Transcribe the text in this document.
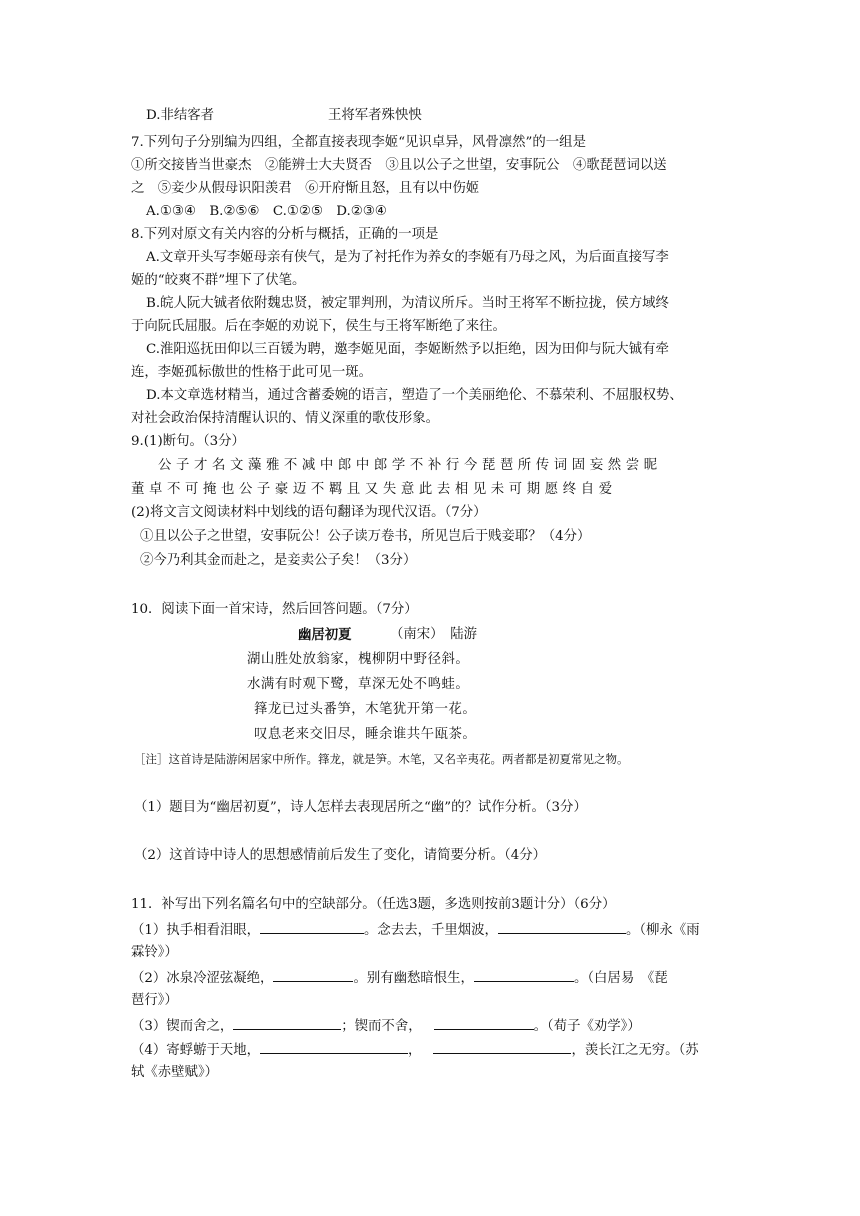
D.非结客者	王将军者殊怏怏
7.下列句子分别编为四组，全都直接表现李姬“见识卓异，风骨凛然”的一组是
①所交接皆当世豪杰　②能辨士大夫贤否　③且以公子之世望，安事阮公　④歌琵琶词以送
之　⑤妾少从假母识阳羡君　⑥开府惭且怒，且有以中伤姬
A.①③④　B.②⑤⑥　C.①②⑤　D.②③④
8.下列对原文有关内容的分析与概括，正确的一项是
A.文章开头写李姬母亲有侠气，是为了衬托作为养女的李姬有乃母之风，为后面直接写李
姬的“皎爽不群”埋下了伏笔。
B.皖人阮大铖者依附魏忠贤，被定罪判刑，为清议所斥。当时王将军不断拉拢，侯方域终
于向阮氏屈服。后在李姬的劝说下，侯生与王将军断绝了来往。
C.淮阳巡抚田仰以三百锾为聘，邀李姬见面，李姬断然予以拒绝，因为田仰与阮大铖有牵
连，李姬孤标傲世的性格于此可见一斑。
D.本文章选材精当，通过含蓄委婉的语言，塑造了一个美丽绝伦、不慕荣利、不屈服权势、
对社会政治保持清醒认识的、情义深重的歌伎形象。
9.(1)断句。（3分）
公子才名文藻雅不减中郎中郎学不补行今琵琶所传词固妄然尝昵
董卓不可掩也公子豪迈不羁且又失意此去相见未可期愿终自爱
(2)将文言文阅读材料中划线的语句翻译为现代汉语。（7分）
①且以公子之世望，安事阮公！公子读万卷书，所见岂后于贱妾耶？（4分）
②今乃利其金而赴之，是妾卖公子矣！（3分）
10．阅读下面一首宋诗，然后回答问题。（7分）
幽居初夏	（南宋）　陆游
湖山胜处放翁家，槐柳阴中野径斜。
水满有时观下鹭，草深无处不鸣蛙。
箨龙已过头番笋，木笔犹开第一花。
叹息老来交旧尽，睡余谁共午瓯茶。
［注］这首诗是陆游闲居家中所作。箨龙，就是笋。木笔，又名辛夷花。两者都是初夏常见之物。
（1）题目为“幽居初夏”，诗人怎样去表现居所之“幽”的？试作分析。（3分）
（2）这首诗中诗人的思想感情前后发生了变化，请简要分析。（4分）
11．补写出下列名篇名句中的空缺部分。（任选3题，多选则按前3题计分）（6分）
（1）执手相看泪眼，	。念去去，千里烟波，	。（柳永《雨
霖铃》）
（2）冰泉冷涩弦凝绝，	。别有幽愁暗恨生，	。（白居易　《琵
琶行》）
（3）锲而舍之，	；锲而不舍，	。（荀子《劝学》）
（4）寄蜉蝣于天地，	，	，羡长江之无穷。（苏
轼《赤壁赋》）
